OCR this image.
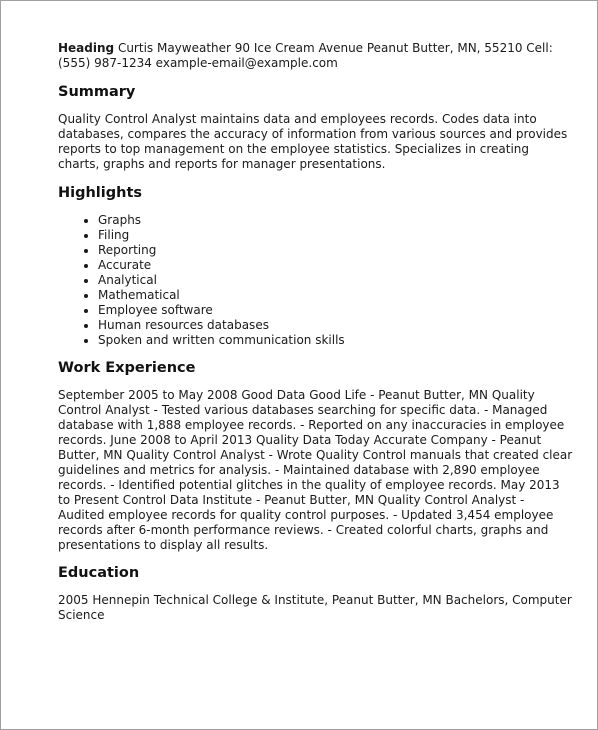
Heading Curtis Mayweather 90 Ice Cream Avenue Peanut Butter, MN, 55210 Cell: (555) 987-1234 example-email@example.com

Summary

Quality Control Analyst maintains data and employees records. Codes data into databases, compares the accuracy of information from various sources and provides reports to top management on the employee statistics. Specializes in creating charts, graphs and reports for manager presentations.

Highlights
• Graphs
• Filing
• Reporting
• Accurate
• Analytical
• Mathematical
• Employee software
• Human resources databases
• Spoken and written communication skills
Work Experience

September 2005 to May 2008 Good Data Good Life - Peanut Butter, MN Quality Control Analyst - Tested various databases searching for specific data. - Managed database with 1,888 employee records. - Reported on any inaccuracies in employee records. June 2008 to April 2013 Quality Data Today Accurate Company - Peanut Butter, MN Quality Control Analyst - Wrote Quality Control manuals that created clear guidelines and metrics for analysis. - Maintained database with 2,890 employee records. - Identified potential glitches in the quality of employee records. May 2013 to Present Control Data Institute - Peanut Butter, MN Quality Control Analyst - Audited employee records for quality control purposes. - Updated 3,454 employee records after 6-month performance reviews. - Created colorful charts, graphs and presentations to display all results.

Education

2005 Hennepin Technical College & Institute, Peanut Butter, MN Bachelors, Computer Science
